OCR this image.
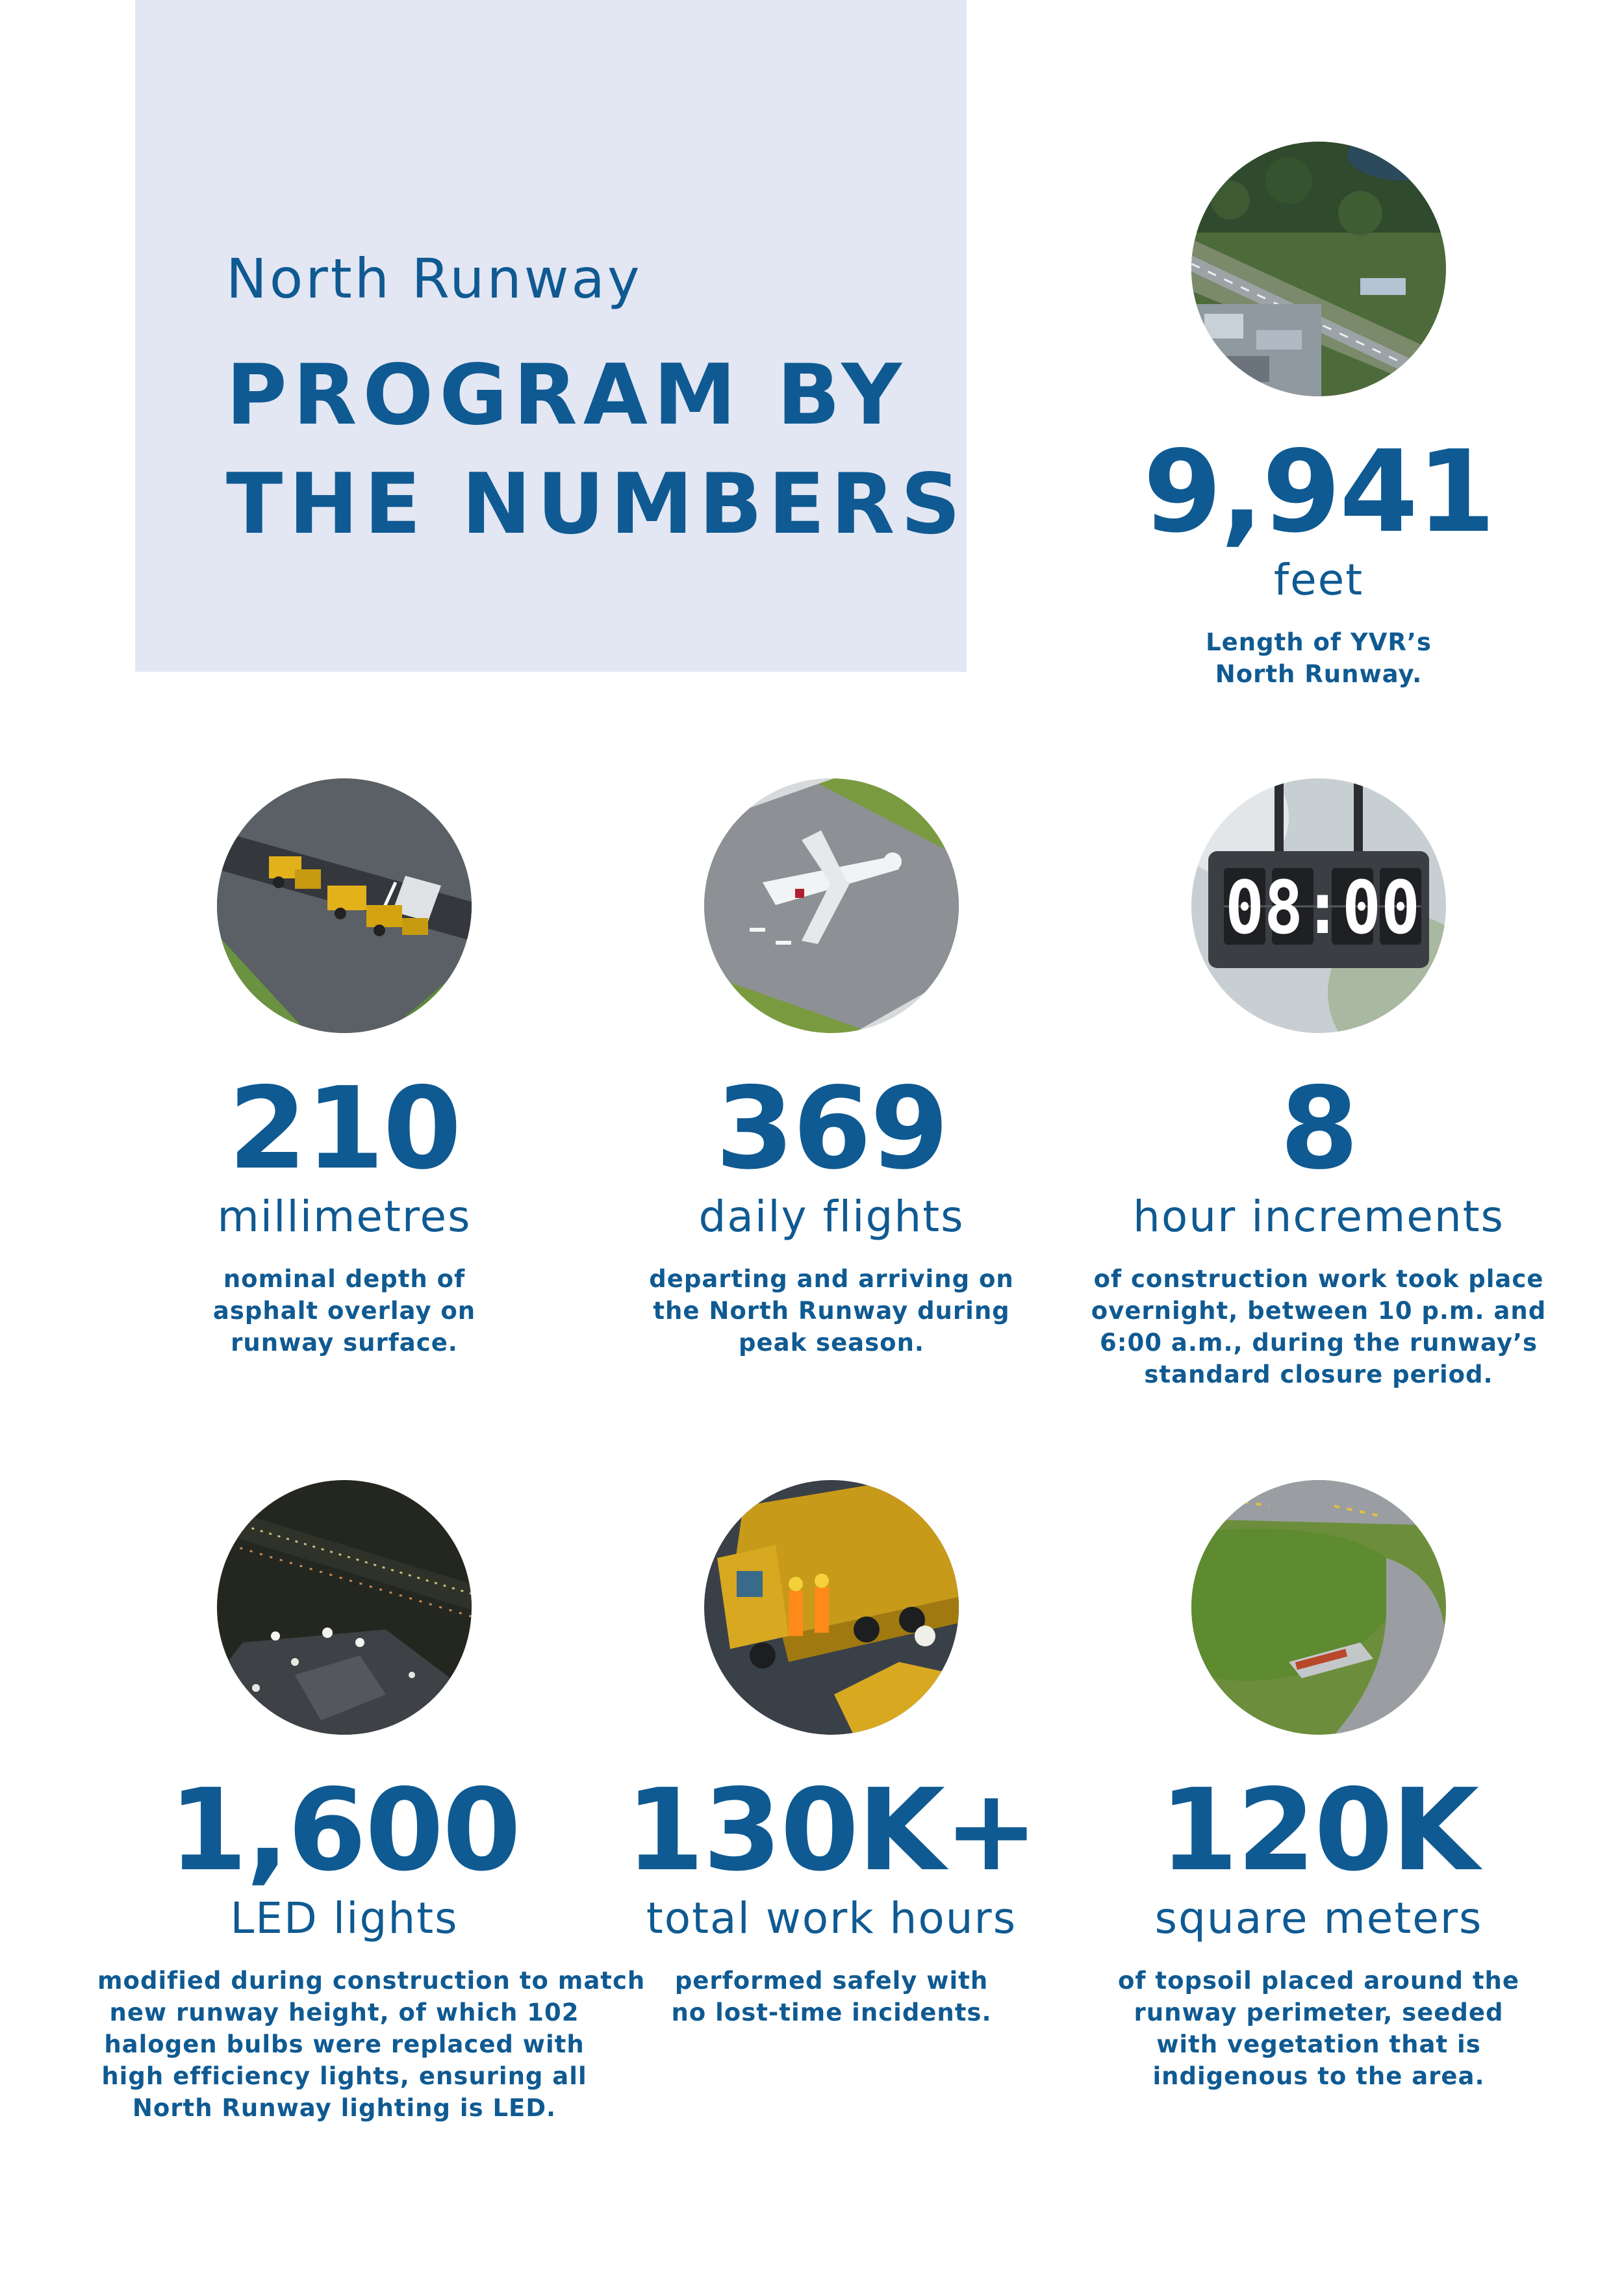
North Runway
PROGRAM BY
THE NUMBERS	9,941
feet
Length of YVR’s
North Runway.
210
millimetres
nominal depth of
asphalt overlay on
runway surface.
369
daily flights
departing and arriving on
the North Runway during
peak season.
08:00
8
hour increments
of construction work took place
overnight, between 10 p.m. and
6:00 a.m., during the runway’s
standard closure period.
1,600
LED lights
modified during construction to match
new runway height, of which 102
halogen bulbs were replaced with
high efficiency lights, ensuring all
North Runway lighting is LED.
130K+
total work hours
performed safely with
no lost-time incidents.
120K
square meters
of topsoil placed around the
runway perimeter, seeded
with vegetation that is
indigenous to the area.
